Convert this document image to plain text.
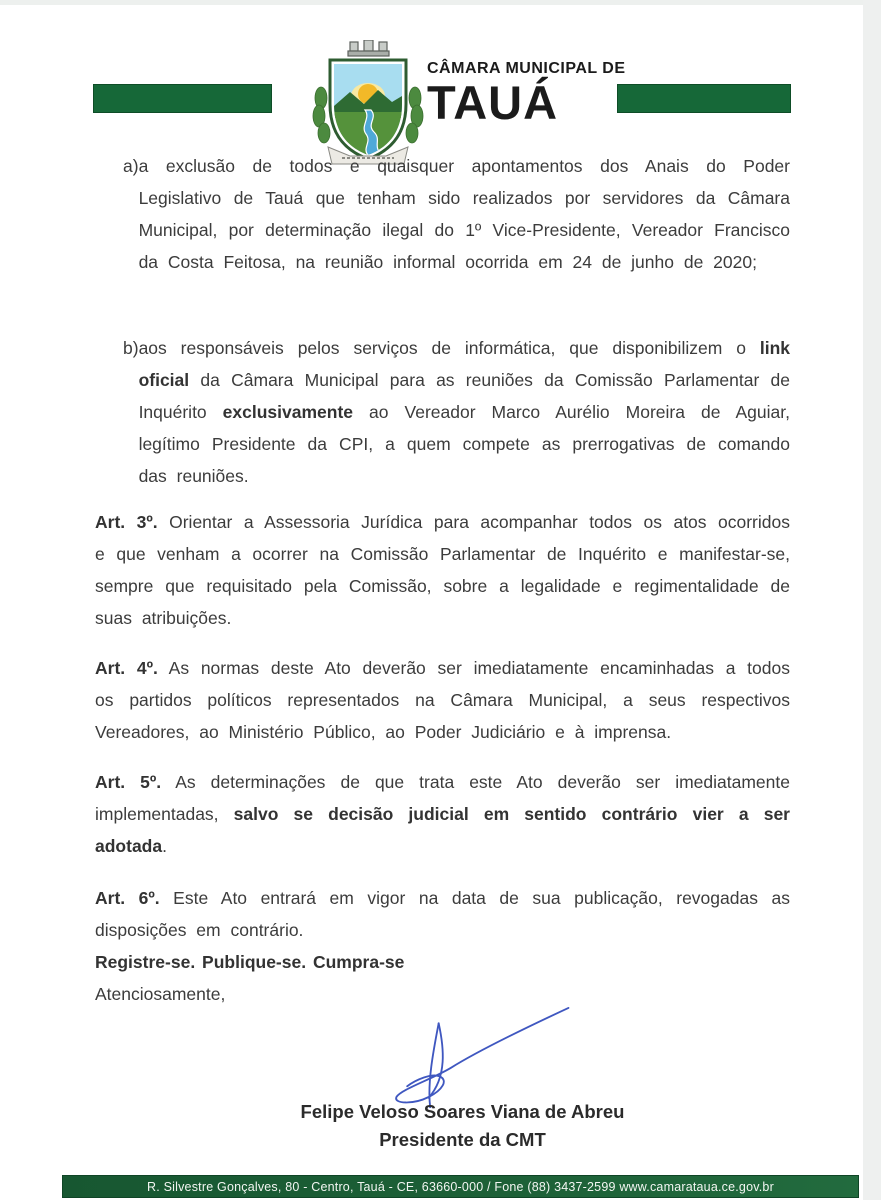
CÂMARA MUNICIPAL DE
TAUÁ
a) a exclusão de todos e quaisquer apontamentos dos Anais do Poder Legislativo de Tauá que tenham sido realizados por servidores da Câmara Municipal, por determinação ilegal do 1º Vice-Presidente, Vereador Francisco da Costa Feitosa, na reunião informal ocorrida em 24 de junho de 2020;
b) aos responsáveis pelos serviços de informática, que disponibilizem o link oficial da Câmara Municipal para as reuniões da Comissão Parlamentar de Inquérito exclusivamente ao Vereador Marco Aurélio Moreira de Aguiar, legítimo Presidente da CPI, a quem compete as prerrogativas de comando das reuniões.
Art. 3º. Orientar a Assessoria Jurídica para acompanhar todos os atos ocorridos e que venham a ocorrer na Comissão Parlamentar de Inquérito e manifestar-se, sempre que requisitado pela Comissão, sobre a legalidade e regimentalidade de suas atribuições.
Art. 4º. As normas deste Ato deverão ser imediatamente encaminhadas a todos os partidos políticos representados na Câmara Municipal, a seus respectivos Vereadores, ao Ministério Público, ao Poder Judiciário e à imprensa.
Art. 5º. As determinações de que trata este Ato deverão ser imediatamente implementadas, salvo se decisão judicial em sentido contrário vier a ser adotada.
Art. 6º. Este Ato entrará em vigor na data de sua publicação, revogadas as disposições em contrário.
Registre-se. Publique-se. Cumpra-se
Atenciosamente,
Felipe Veloso Soares Viana de Abreu
Presidente da CMT
R. Silvestre Gonçalves, 80 - Centro, Tauá - CE, 63660-000 / Fone (88) 3437-2599 www.camarataua.ce.gov.br
